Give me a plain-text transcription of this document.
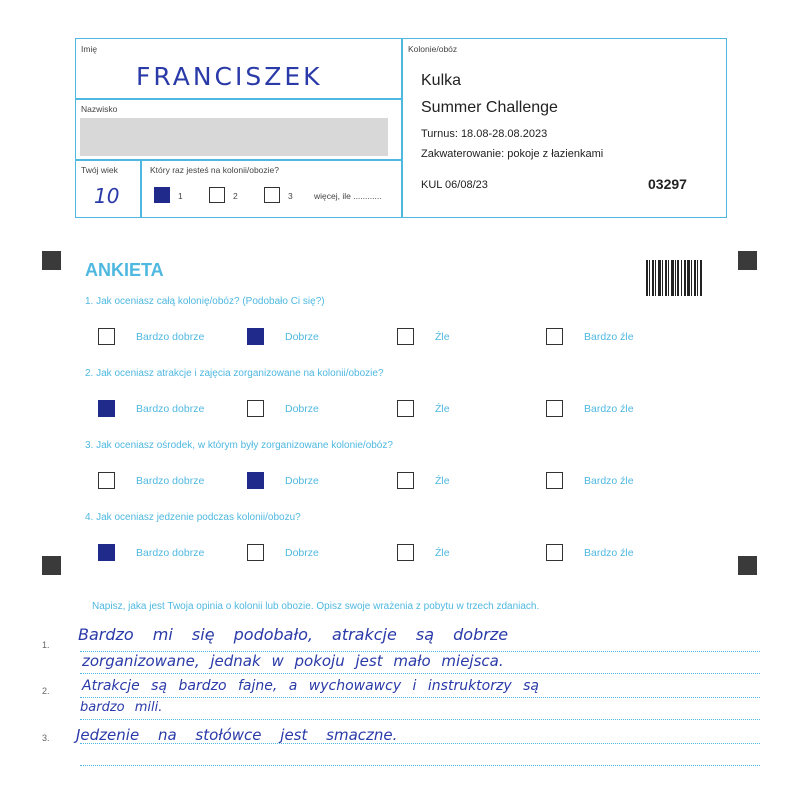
Imię
FRANCISZEK
Nazwisko
Twój wiek
10
Który raz jesteś na kolonii/obozie?
1	2	3	więcej, ile ............
Kolonie/obóz
Kulka
Summer Challenge
Turnus: 18.08-28.08.2023
Zakwaterowanie: pokoje z łazienkami
KUL 06/08/23	03297
ANKIETA
1. Jak oceniasz całą kolonię/obóz? (Podobało Ci się?)
Bardzo dobrze	Dobrze	Źle	Bardzo źle
2. Jak oceniasz atrakcje i zajęcia zorganizowane na kolonii/obozie?
Bardzo dobrze	Dobrze	Źle	Bardzo źle
3. Jak oceniasz ośrodek, w którym były zorganizowane kolonie/obóz?
Bardzo dobrze	Dobrze	Źle	Bardzo źle
4. Jak oceniasz jedzenie podczas kolonii/obozu?
Bardzo dobrze	Dobrze	Źle	Bardzo źle
Napisz, jaka jest Twoja opinia o kolonii lub obozie. Opisz swoje wrażenia z pobytu w trzech zdaniach.
1.
2.
3.
Bardzo mi się podobało, atrakcje są dobrze
zorganizowane, jednak w pokoju jest mało miejsca.
Atrakcje są bardzo fajne, a wychowawcy i instruktorzy są
bardzo mili.
Jedzenie na stołówce jest smaczne.
